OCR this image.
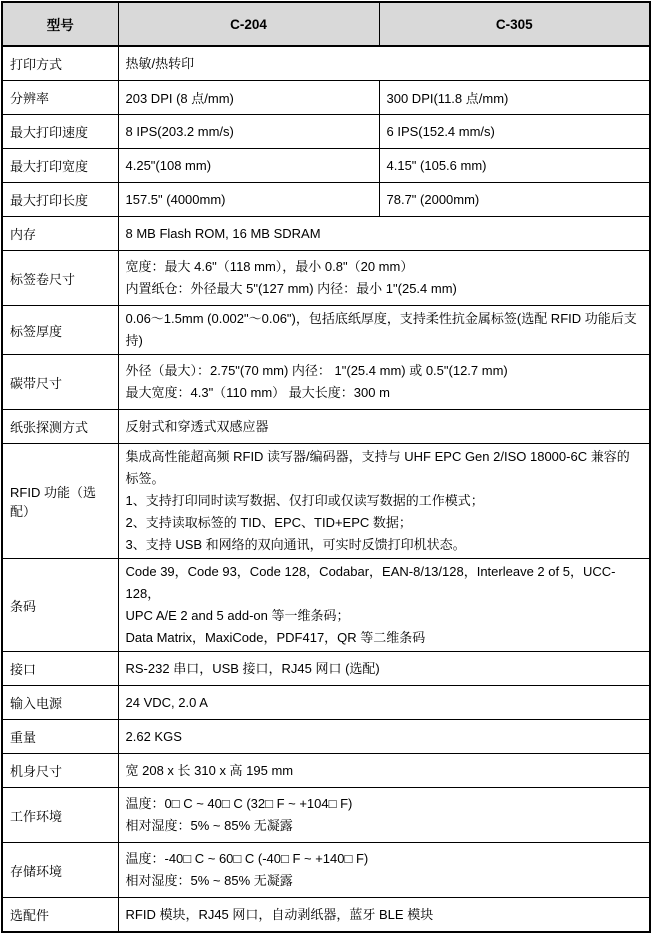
型号	C-204	C-305
打印方式	热敏/热转印	

分辨率	203 DPI (8 点/mm)	300 DPI(11.8 点/mm)
最大打印速度	8 IPS(203.2 mm/s)	6 IPS(152.4 mm/s)
最大打印宽度	4.25"(108 mm)	4.15" (105.6 mm)
最大打印长度	157.5" (4000mm)	78.7" (2000mm)
内存	8 MB Flash ROM, 16 MB SDRAM	

标签卷尺寸	宽度：最大 4.6"（118 mm），最小 0.8"（20 mm）
内置纸仓：外径最大 5"(127 mm) 内径：最小 1"(25.4 mm)	

标签厚度	0.06～1.5mm (0.002"～0.06")，包括底纸厚度，支持柔性抗金属标签(选配 RFID 功能后支持)	

碳带尺寸	外径（最大）：2.75"(70 mm) 内径： 1"(25.4 mm) 或 0.5"(12.7 mm)
最大宽度：4.3"（110 mm） 最大长度：300 m	

纸张探测方式	反射式和穿透式双感应器	

RFID 功能（选配）	集成高性能超高频 RFID 读写器/编码器，支持与 UHF EPC Gen 2/ISO 18000-6C 兼容的标签。
1、支持打印同时读写数据、仅打印或仅读写数据的工作模式；
2、支持读取标签的 TID、EPC、TID+EPC 数据；
3、支持 USB 和网络的双向通讯，可实时反馈打印机状态。	

条码	Code 39，Code 93，Code 128，Codabar，EAN-8/13/128，Interleave 2 of 5，UCC-128，
UPC A/E 2 and 5 add-on 等一维条码；
Data Matrix，MaxiCode，PDF417，QR 等二维条码	

接口	RS-232 串口，USB 接口，RJ45 网口 (选配)	

输入电源	24 VDC, 2.0 A	

重量	2.62 KGS	

机身尺寸	宽 208 x 长 310 x 高 195 mm	

工作环境	温度：0□ C ~ 40□ C (32□ F ~ +104□ F)
相对湿度：5% ~ 85% 无凝露	

存储环境	温度：-40□ C ~ 60□ C (-40□ F ~ +140□ F)
相对湿度：5% ~ 85% 无凝露	

选配件	RFID 模块，RJ45 网口，自动剥纸器，蓝牙 BLE 模块	
